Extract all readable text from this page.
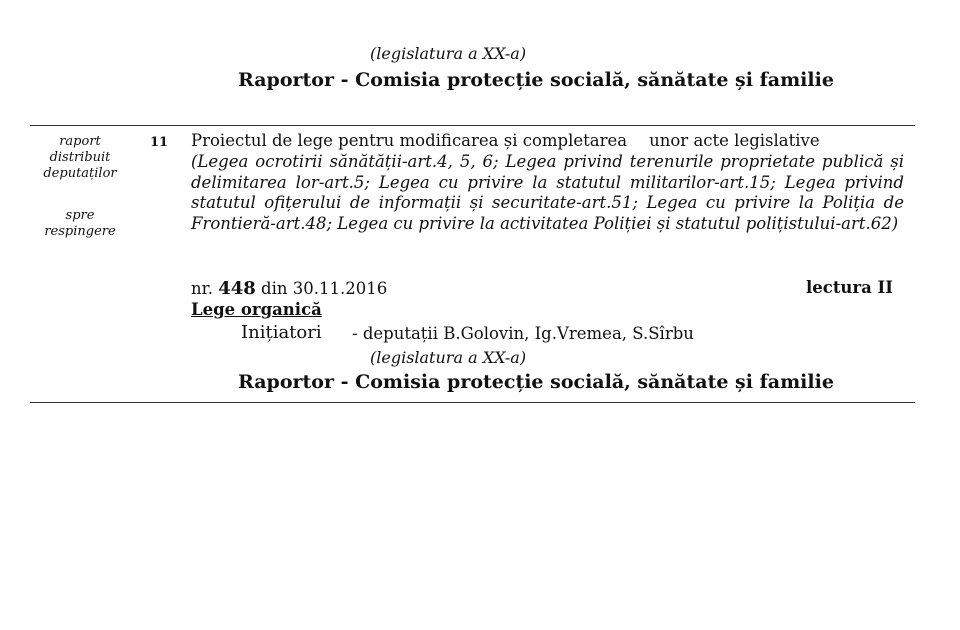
(legislatura a XX-a)
Raportor - Comisia protecție socială, sănătate și familie
raport
distribuit
deputaților
spre
respingere
11 Proiectul de lege pentru modificarea și completarea unor acte legislative
(Legea ocrotirii sănătății-art.4, 5, 6; Legea privind terenurile proprietate publică și delimitarea lor-art.5; Legea cu privire la statutul militarilor-art.15; Legea privind statutul ofițerului de informații și securitate-art.51; Legea cu privire la Poliția de Frontieră-art.48; Legea cu privire la activitatea Poliției și statutul polițistului-art.62)
nr. 448 din 30.11.2016	lectura II
Lege organică
Inițiatori - deputații B.Golovin, Ig.Vremea, S.Sîrbu
(legislatura a XX-a)
Raportor - Comisia protecție socială, sănătate și familie
